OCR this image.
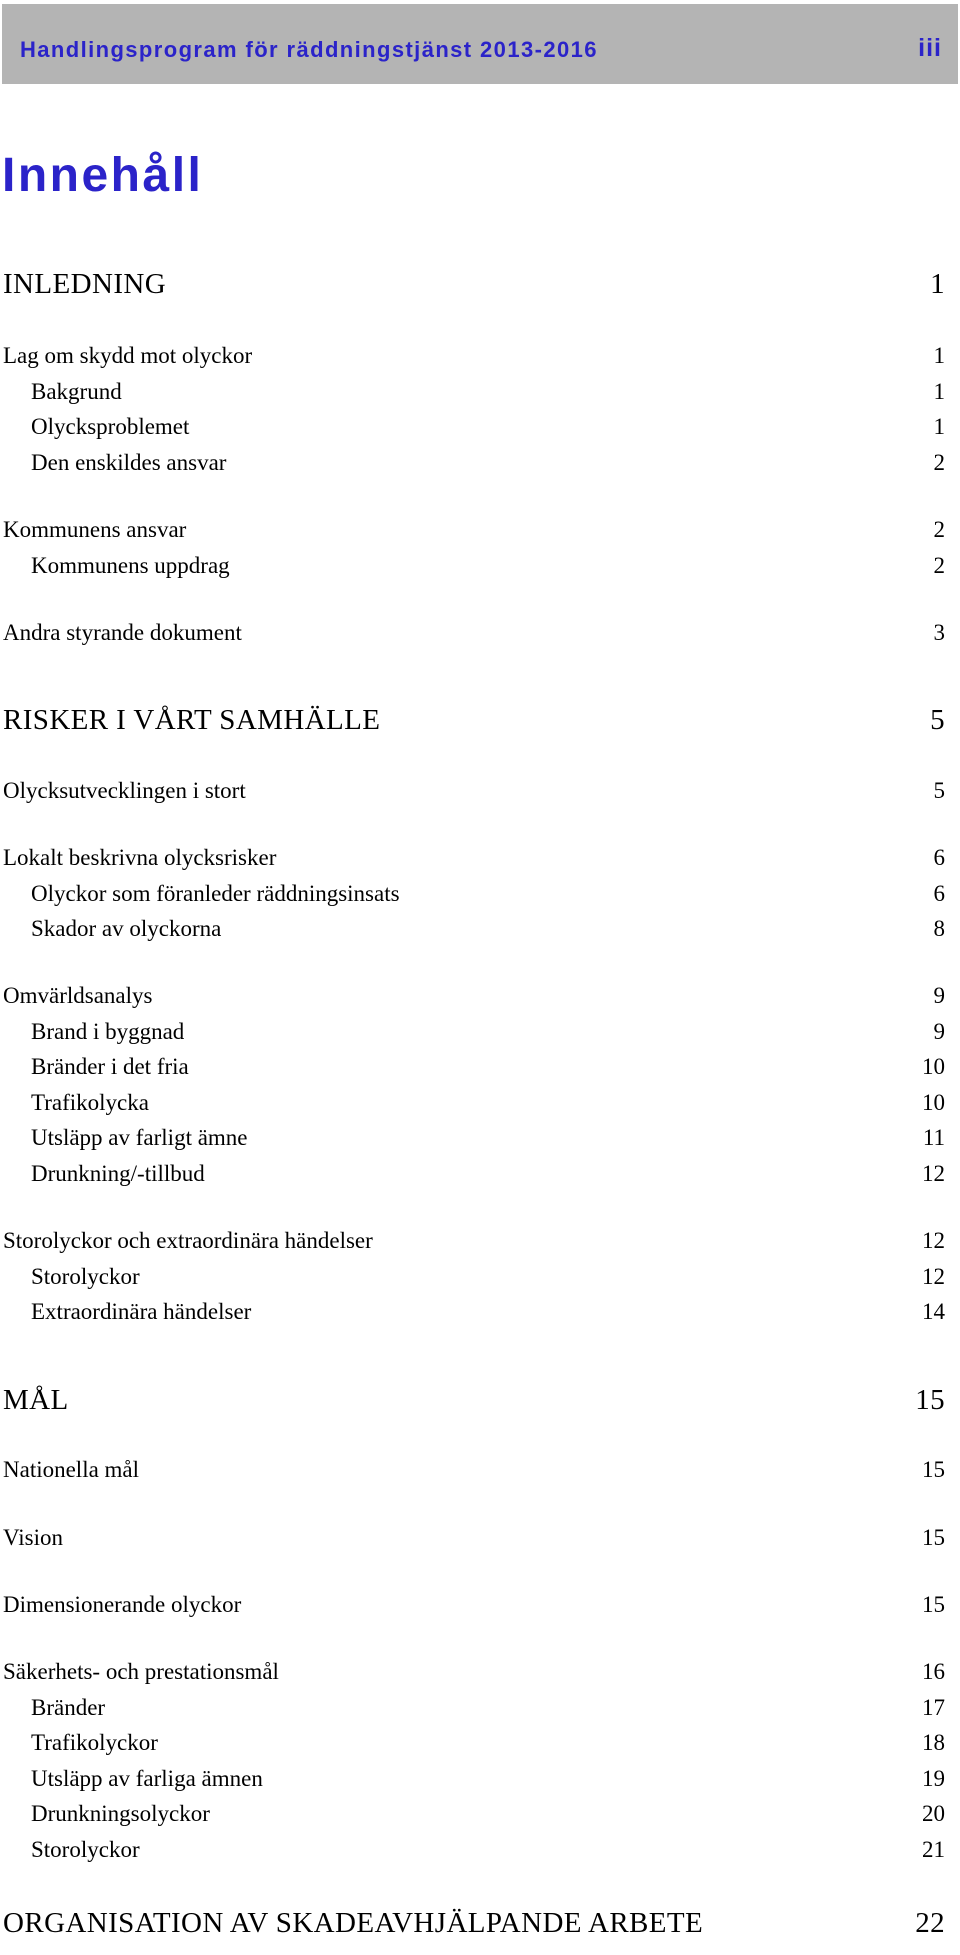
Handlingsprogram för räddningstjänst 2013-2016	iii
Innehåll
INLEDNING	1
Lag om skydd mot olyckor	1
Bakgrund	1
Olycksproblemet	1
Den enskildes ansvar	2
Kommunens ansvar	2
Kommunens uppdrag	2
Andra styrande dokument	3
RISKER I VÅRT SAMHÄLLE	5
Olycksutvecklingen i stort	5
Lokalt beskrivna olycksrisker	6
Olyckor som föranleder räddningsinsats	6
Skador av olyckorna	8
Omvärldsanalys	9
Brand i byggnad	9
Bränder i det fria	10
Trafikolycka	10
Utsläpp av farligt ämne	11
Drunkning/-tillbud	12
Storolyckor och extraordinära händelser	12
Storolyckor	12
Extraordinära händelser	14
MÅL	15
Nationella mål	15
Vision	15
Dimensionerande olyckor	15
Säkerhets- och prestationsmål	16
Bränder	17
Trafikolyckor	18
Utsläpp av farliga ämnen	19
Drunkningsolyckor	20
Storolyckor	21
ORGANISATION AV SKADEAVHJÄLPANDE ARBETE	22
